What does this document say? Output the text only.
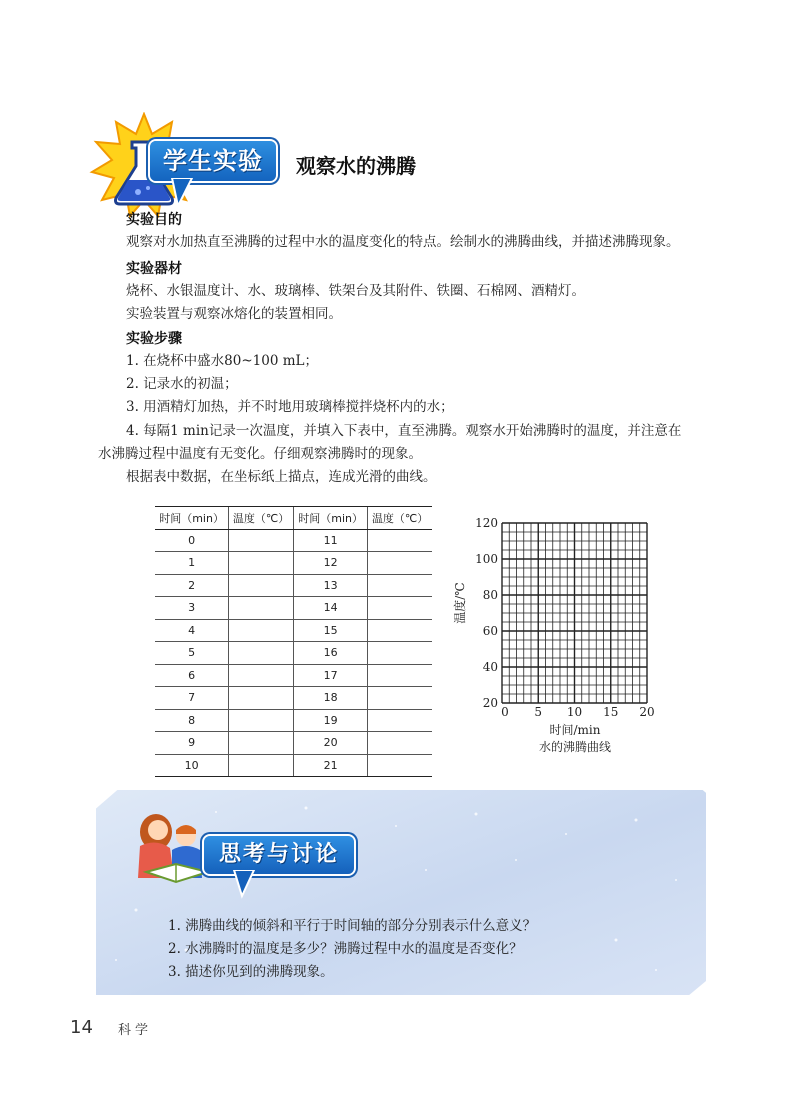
学生实验	观察水的沸腾
实验目的
观察对水加热直至沸腾的过程中水的温度变化的特点。绘制水的沸腾曲线，并描述沸腾现象。
实验器材
烧杯、水银温度计、水、玻璃棒、铁架台及其附件、铁圈、石棉网、酒精灯。
实验装置与观察冰熔化的装置相同。
实验步骤
1. 在烧杯中盛水80~100 mL；
2. 记录水的初温；
3. 用酒精灯加热，并不时地用玻璃棒搅拌烧杯内的水；
4. 每隔1 min记录一次温度，并填入下表中，直至沸腾。观察水开始沸腾时的温度，并注意在
水沸腾过程中温度有无变化。仔细观察沸腾时的现象。
根据表中数据，在坐标纸上描点，连成光滑的曲线。
时间（min）	温度（℃）	时间（min）	温度（℃）
0		11	
1		12	
2		13	
3		14	
4		15	
5		16	
6		17	
7		18	
8		19	
9		20	
10		21	
20
40
60
80
100
120
0 5 10 15 20
温度/℃
时间/min
水的沸腾曲线
思考与讨论
1. 沸腾曲线的倾斜和平行于时间轴的部分分别表示什么意义？
2. 水沸腾时的温度是多少？沸腾过程中水的温度是否变化？
3. 描述你见到的沸腾现象。
14 科学
